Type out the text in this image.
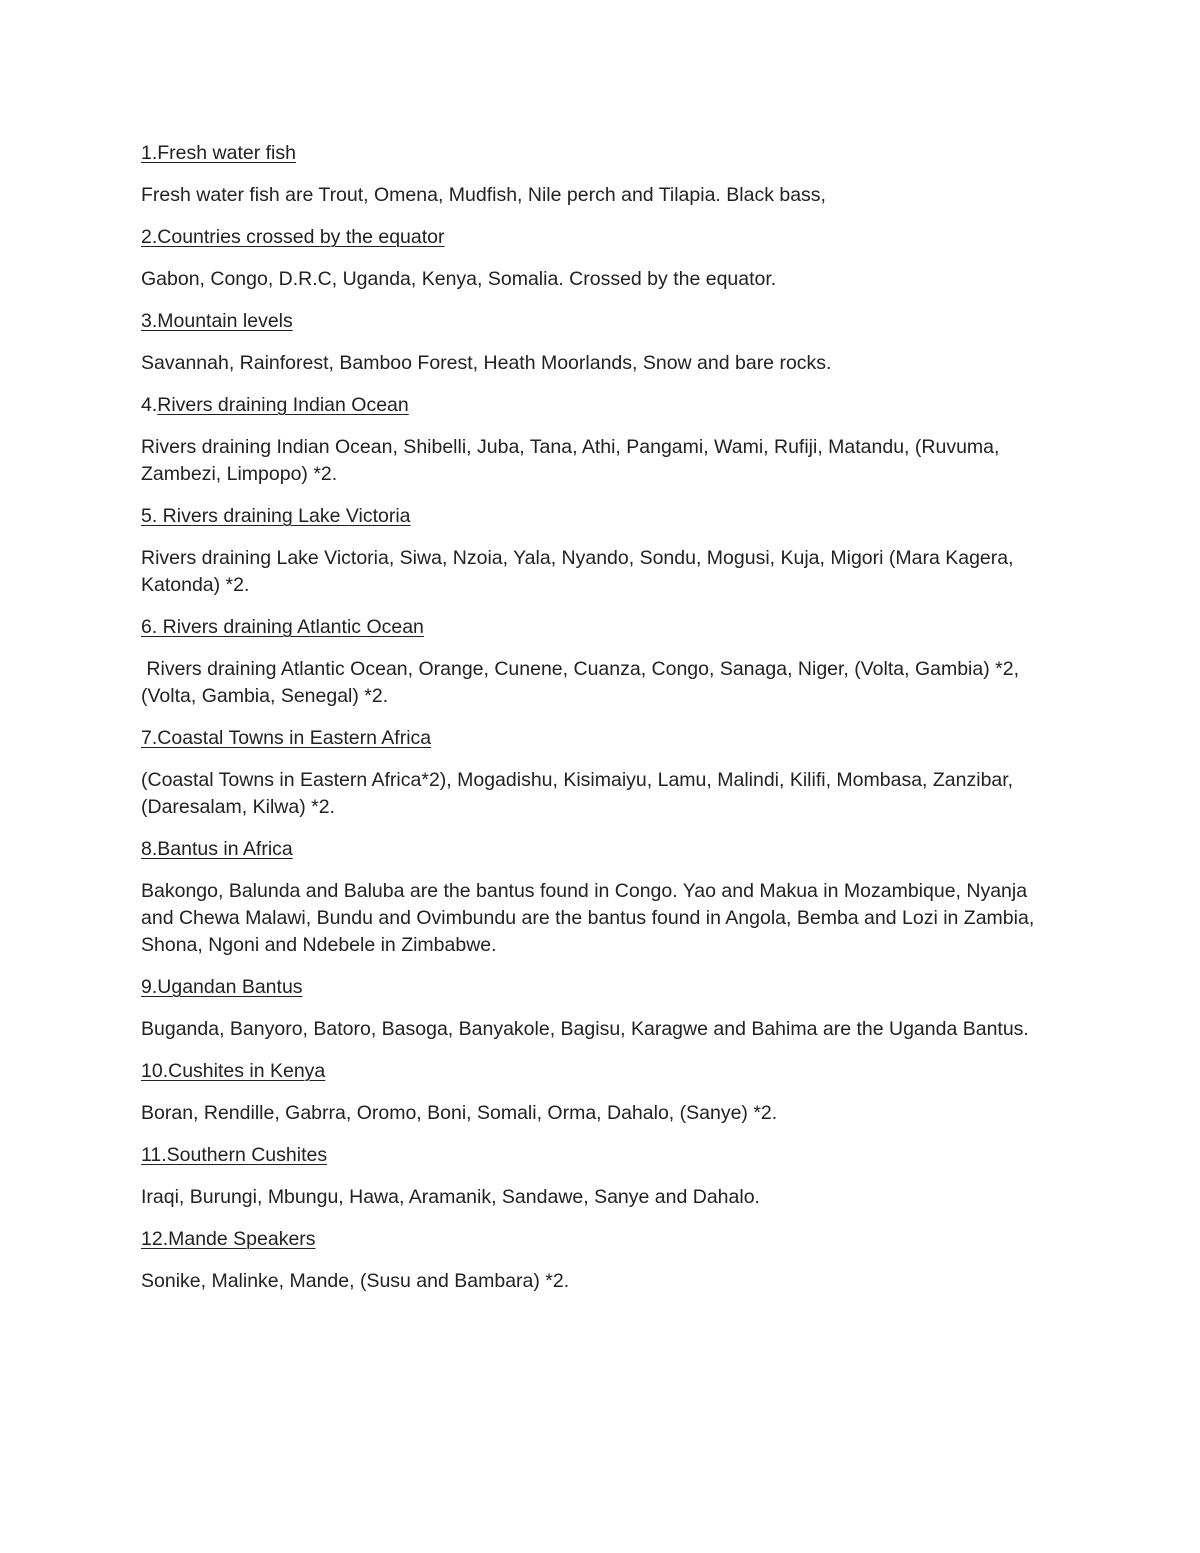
1.Fresh water fish
Fresh water fish are Trout, Omena, Mudfish, Nile perch and Tilapia. Black bass,
2.Countries crossed by the equator
Gabon, Congo, D.R.C, Uganda, Kenya, Somalia. Crossed by the equator.
3.Mountain levels
Savannah, Rainforest, Bamboo Forest, Heath Moorlands, Snow and bare rocks.
4.Rivers draining Indian Ocean
Rivers draining Indian Ocean, Shibelli, Juba, Tana, Athi, Pangami, Wami, Rufiji, Matandu, (Ruvuma, Zambezi, Limpopo) *2.
5. Rivers draining Lake Victoria
Rivers draining Lake Victoria, Siwa, Nzoia, Yala, Nyando, Sondu, Mogusi, Kuja, Migori (Mara Kagera, Katonda) *2.
6. Rivers draining Atlantic Ocean
Rivers draining Atlantic Ocean, Orange, Cunene, Cuanza, Congo, Sanaga, Niger, (Volta, Gambia) *2, (Volta, Gambia, Senegal) *2.
7.Coastal Towns in Eastern Africa
(Coastal Towns in Eastern Africa*2), Mogadishu, Kisimaiyu, Lamu, Malindi, Kilifi, Mombasa, Zanzibar, (Daresalam, Kilwa) *2.
8.Bantus in Africa
Bakongo, Balunda and Baluba are the bantus found in Congo. Yao and Makua in Mozambique, Nyanja and Chewa Malawi, Bundu and Ovimbundu are the bantus found in Angola, Bemba and Lozi in Zambia, Shona, Ngoni and Ndebele in Zimbabwe.
9.Ugandan Bantus
Buganda, Banyoro, Batoro, Basoga, Banyakole, Bagisu, Karagwe and Bahima are the Uganda Bantus.
10.Cushites in Kenya
Boran, Rendille, Gabrra, Oromo, Boni, Somali, Orma, Dahalo, (Sanye) *2.
11.Southern Cushites
Iraqi, Burungi, Mbungu, Hawa, Aramanik, Sandawe, Sanye and Dahalo.
12.Mande Speakers
Sonike, Malinke, Mande, (Susu and Bambara) *2.
